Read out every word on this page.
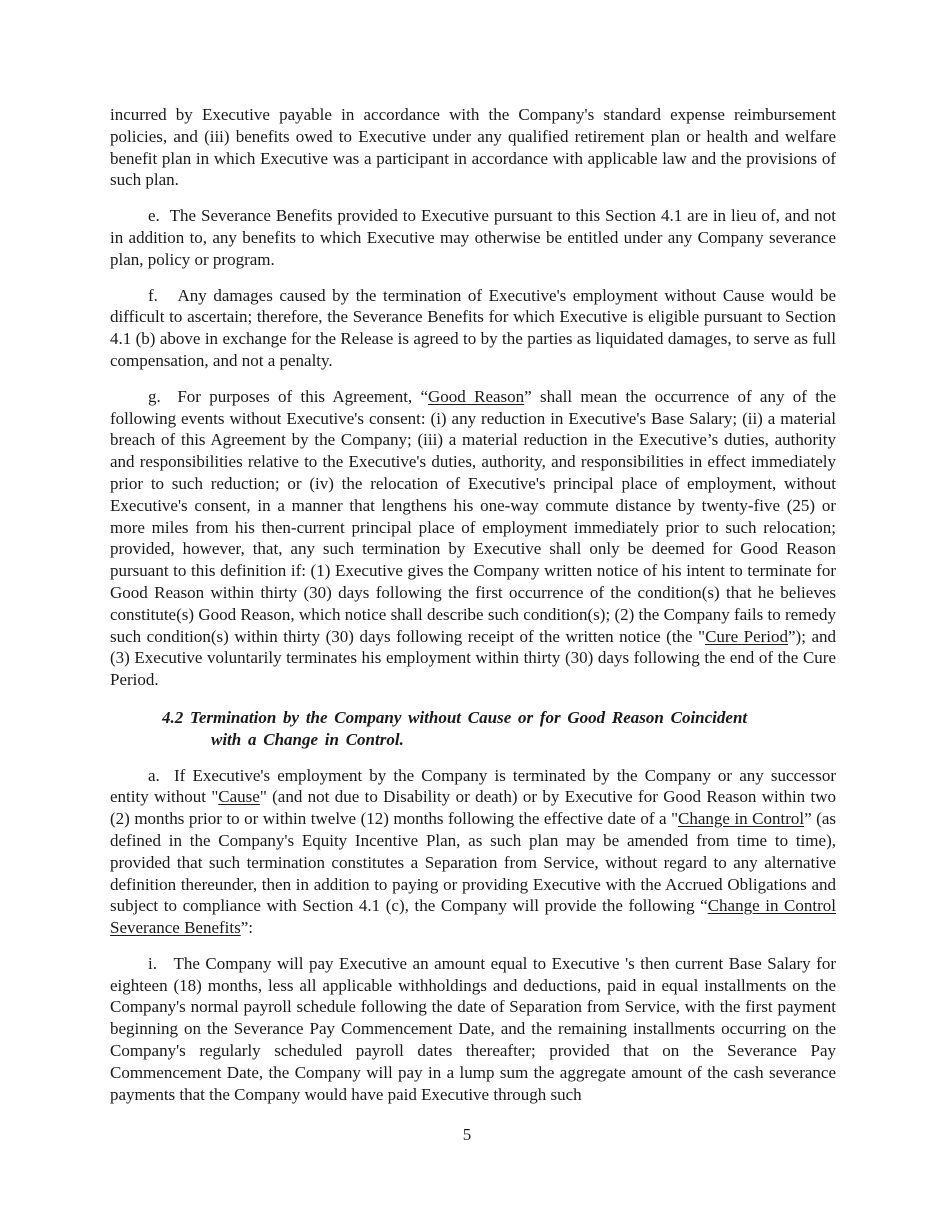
incurred by Executive payable in accordance with the Company's standard expense reimbursement policies, and (iii) benefits owed to Executive under any qualified retirement plan or health and welfare benefit plan in which Executive was a participant in accordance with applicable law and the provisions of such plan.

e.  The Severance Benefits provided to Executive pursuant to this Section 4.1 are in lieu of, and not in addition to, any benefits to which Executive may otherwise be entitled under any Company severance plan, policy or program.

f.   Any damages caused by the termination of Executive's employment without Cause would be difficult to ascertain; therefore, the Severance Benefits for which Executive is eligible pursuant to Section 4.1 (b) above in exchange for the Release is agreed to by the parties as liquidated damages, to serve as full compensation, and not a penalty.

g.  For purposes of this Agreement, “Good Reason” shall mean the occurrence of any of the following events without Executive's consent: (i) any reduction in Executive's Base Salary; (ii) a material breach of this Agreement by the Company; (iii) a material reduction in the Executive’s duties, authority and responsibilities relative to the Executive's duties, authority, and responsibilities in effect immediately prior to such reduction; or (iv) the relocation of Executive's principal place of employment, without Executive's consent, in a manner that lengthens his one-way commute distance by twenty-five (25) or more miles from his then-current principal place of employment immediately prior to such relocation; provided, however, that, any such termination by Executive shall only be deemed for Good Reason pursuant to this definition if: (1) Executive gives the Company written notice of his intent to terminate for Good Reason within thirty (30) days following the first occurrence of the condition(s) that he believes constitute(s) Good Reason, which notice shall describe such condition(s); (2) the Company fails to remedy such condition(s) within thirty (30) days following receipt of the written notice (the "Cure Period”); and (3) Executive voluntarily terminates his employment within thirty (30) days following the end of the Cure Period.

4.2 Termination by the Company without Cause or for Good Reason Coincident
with a Change in Control.

a.  If Executive's employment by the Company is terminated by the Company or any successor entity without "Cause" (and not due to Disability or death) or by Executive for Good Reason within two (2) months prior to or within twelve (12) months following the effective date of a "Change in Control” (as defined in the Company's Equity Incentive Plan, as such plan may be amended from time to time), provided that such termination constitutes a Separation from Service, without regard to any alternative definition thereunder, then in addition to paying or providing Executive with the Accrued Obligations and subject to compliance with Section 4.1 (c), the Company will provide the following “Change in Control Severance Benefits”:

i.   The Company will pay Executive an amount equal to Executive 's then current Base Salary for eighteen (18) months, less all applicable withholdings and deductions, paid in equal installments on the Company's normal payroll schedule following the date of Separation from Service, with the first payment beginning on the Severance Pay Commencement Date, and the remaining installments occurring on the Company's regularly scheduled payroll dates thereafter; provided that on the Severance Pay Commencement Date, the Company will pay in a lump sum the aggregate amount of the cash severance payments that the Company would have paid Executive through such

5
